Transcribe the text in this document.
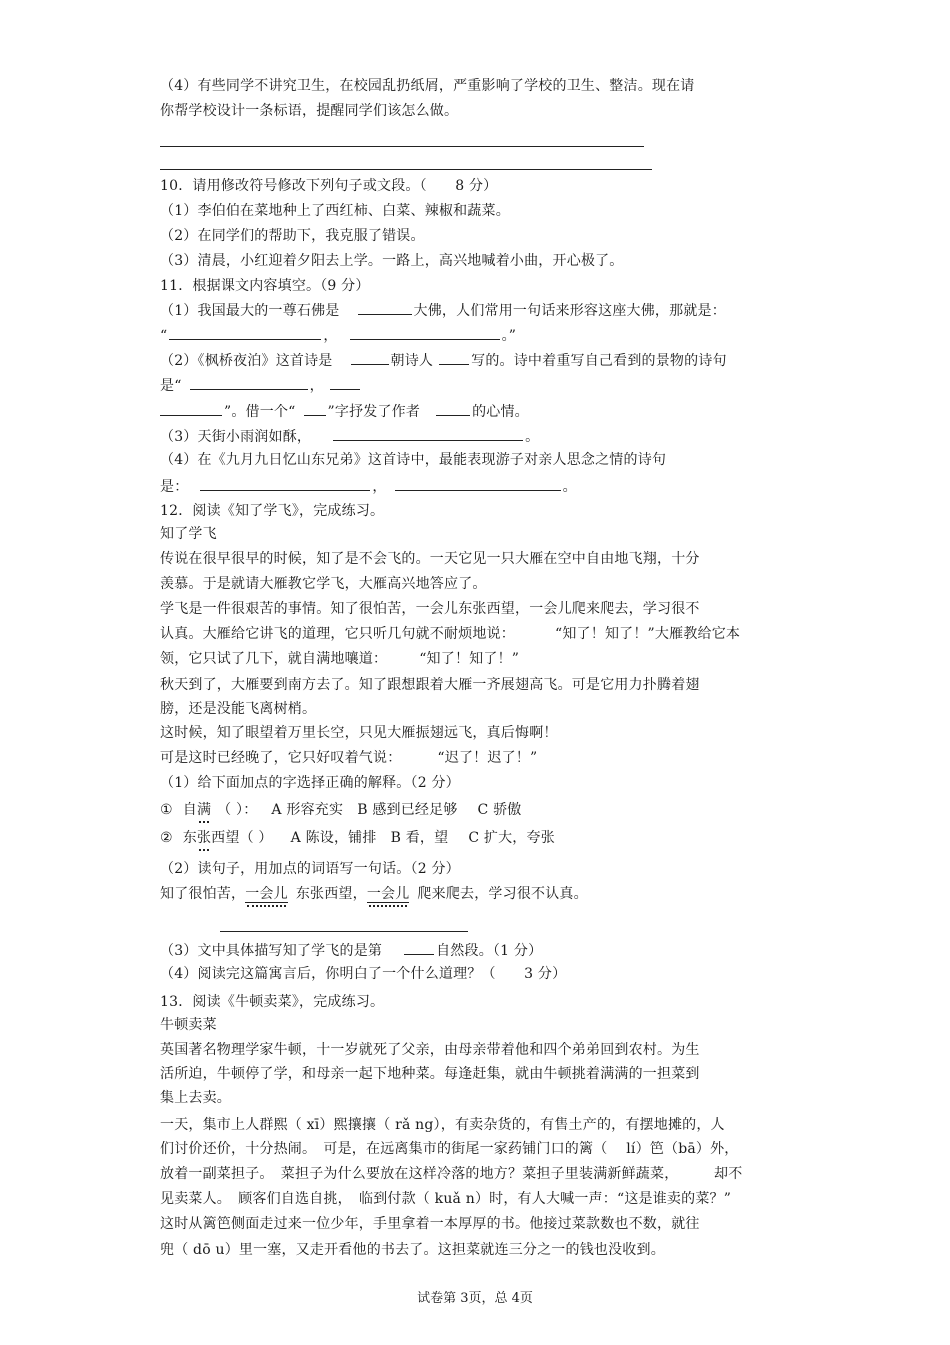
（4）有些同学不讲究卫生，在校园乱扔纸屑，严重影响了学校的卫生、整洁。现在请
你帮学校设计一条标语，提醒同学们该怎么做。
10．请用修改符号修改下列句子或文段。（　　8 分）
（1）李伯伯在菜地种上了西红柿、白菜、辣椒和蔬菜。
（2）在同学们的帮助下，我克服了错误。
（3）清晨，小红迎着夕阳去上学。一路上，高兴地喊着小曲，开心极了。
11．根据课文内容填空。（9 分）
（1）我国最大的一尊石佛是	大佛，人们常用一句话来形容这座大佛，那就是：
“	，	。”
（2）《枫桥夜泊》这首诗是	朝诗人	写的。诗中着重写自己看到的景物的诗句
是“	，
”。借一个“ ”字抒发了作者	的心情。
（3）天街小雨润如酥，	。
（4）在《九月九日忆山东兄弟》这首诗中，最能表现游子对亲人思念之情的诗句
是：	，	。
12．阅读《知了学飞》，完成练习。
知了学飞
传说在很早很早的时候，知了是不会飞的。一天它见一只大雁在空中自由地飞翔，十分
羡慕。于是就请大雁教它学飞，大雁高兴地答应了。
学飞是一件很艰苦的事情。知了很怕苦，一会儿东张西望，一会儿爬来爬去，学习很不
认真。大雁给它讲飞的道理，它只听几句就不耐烦地说：	“知了！知了！”大雁教给它本
领，它只试了几下，就自满地嚷道： “知了！知了！”
秋天到了，大雁要到南方去了。知了跟想跟着大雁一齐展翅高飞。可是它用力扑腾着翅
膀，还是没能飞离树梢。
这时候，知了眼望着万里长空，只见大雁振翅远飞，真后悔啊！
可是这时已经晚了，它只好叹着气说：	“迟了！迟了！”
（1）给下面加点的字选择正确的解释。（2 分）
① 自满 （ ）： A 形容充实 B 感到已经足够 C 骄傲
② 东张西望（ ） A 陈设，铺排 B 看，望 C 扩大，夸张
（2）读句子，用加点的词语写一句话。（2 分）
知了很怕苦，一会儿 东张西望，一会儿 爬来爬去，学习很不认真。
（3）文中具体描写知了学飞的是第	自然段。（1 分）
（4）阅读完这篇寓言后，你明白了一个什么道理？（　　3 分）
13．阅读《牛顿卖菜》，完成练习。
牛顿卖菜
英国著名物理学家牛顿，十一岁就死了父亲，由母亲带着他和四个弟弟回到农村。为生
活所迫，牛顿停了学，和母亲一起下地种菜。每逢赶集，就由牛顿挑着满满的一担菜到
集上去卖。
一天，集市上人群熙（ xī）熙攘攘（ rǎ ng），有卖杂货的，有售土产的，有摆地摊的，人
们讨价还价，十分热闹。　可是，在远离集市的街尾一家药铺门口的篱（　 lí）笆（bā）外，
放着一副菜担子。　菜担子为什么要放在这样冷落的地方？菜担子里装满新鲜蔬菜，　　　却不
见卖菜人。　顾客们自选自挑，　临到付款（ kuǎ n）时，有人大喊一声：“这是谁卖的菜？”
这时从篱笆侧面走过来一位少年，手里拿着一本厚厚的书。他接过菜款数也不数，就往
兜（ dō u）里一塞，又走开看他的书去了。这担菜就连三分之一的钱也没收到。
试卷第 3页，总 4页
